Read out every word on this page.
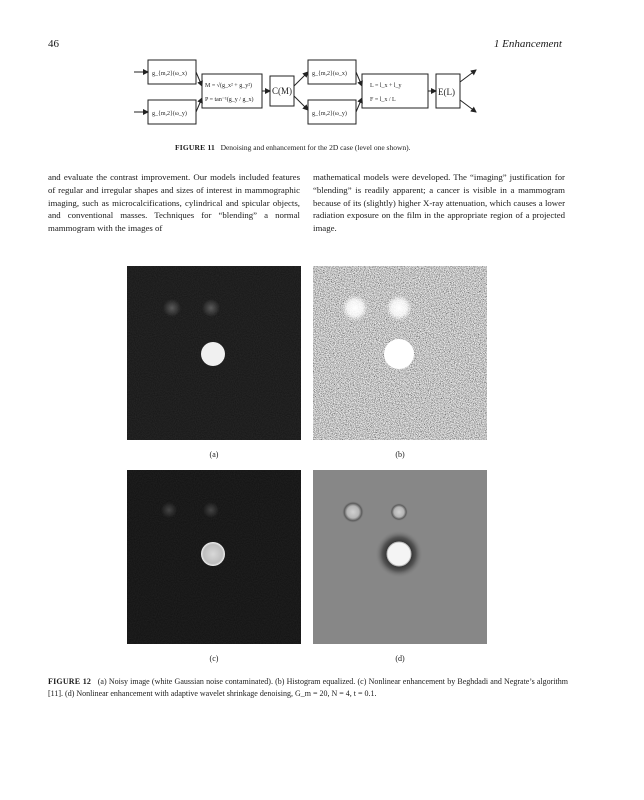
46	1 Enhancement
g_{m,2}(ω_x)
g_{m,2}(ω_y)
M = √(g_x² + g_y²)
P = tan⁻¹(g_y / g_x)
C(M)
g_{m,2}(ω_x)
g_{m,2}(ω_y)
L = l_x + l_y
F = l_x / L
E(L)
FIGURE 11 Denoising and enhancement for the 2D case (level one shown).
and evaluate the contrast improvement. Our models included features of regular and irregular shapes and sizes of interest in mammographic imaging, such as microcalcifications, cylindrical and spicular objects, and conventional masses. Techniques for “blending” a normal mammogram with the images of
mathematical models were developed. The “imaging” justification for “blending” is readily apparent; a cancer is visible in a mammogram because of its (slightly) higher X-ray attenuation, which causes a lower radiation exposure on the film in the appropriate region of a projected image.
(a)	(b)
(c)	(d)
FIGURE 12 (a) Noisy image (white Gaussian noise contaminated). (b) Histogram equalized. (c) Nonlinear enhancement by Beghdadi and Negrate’s algorithm [11]. (d) Nonlinear enhancement with adaptive wavelet shrinkage denoising, G_m = 20, N = 4, t = 0.1.
